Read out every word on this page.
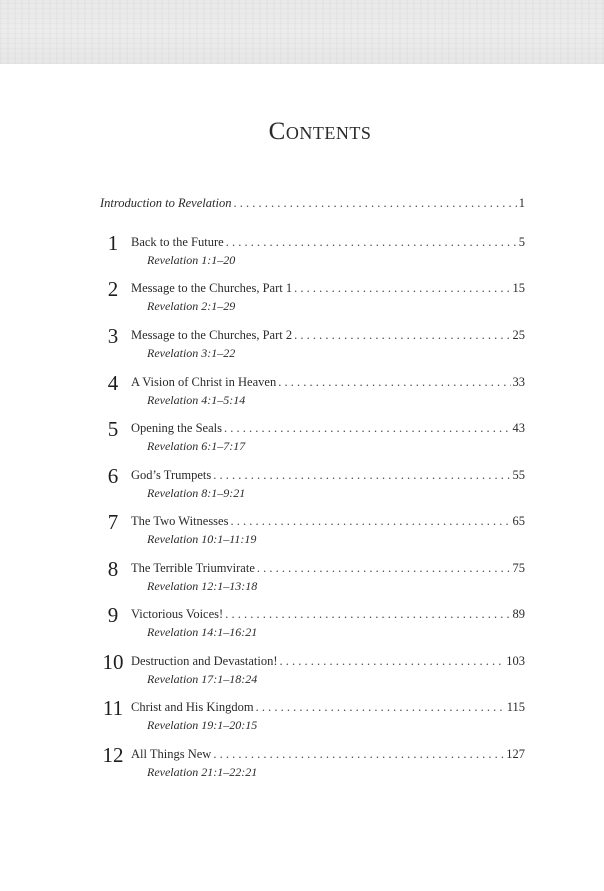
Contents
Introduction to Revelation . . .	1
1	Back to the Future . . .	5
Revelation 1:1–20
2	Message to the Churches, Part 1 . . .	15
Revelation 2:1–29
3	Message to the Churches, Part 2 . . .	25
Revelation 3:1–22
4	A Vision of Christ in Heaven . . .	33
Revelation 4:1–5:14
5	Opening the Seals . . .	43
Revelation 6:1–7:17
6	God’s Trumpets . . .	55
Revelation 8:1–9:21
7	The Two Witnesses . . .	65
Revelation 10:1–11:19
8	The Terrible Triumvirate . . .	75
Revelation 12:1–13:18
9	Victorious Voices! . . .	89
Revelation 14:1–16:21
10 Destruction and Devastation! . . .	103
Revelation 17:1–18:24
11 Christ and His Kingdom . . .	115
Revelation 19:1–20:15
12 All Things New . . .	127
Revelation 21:1–22:21
